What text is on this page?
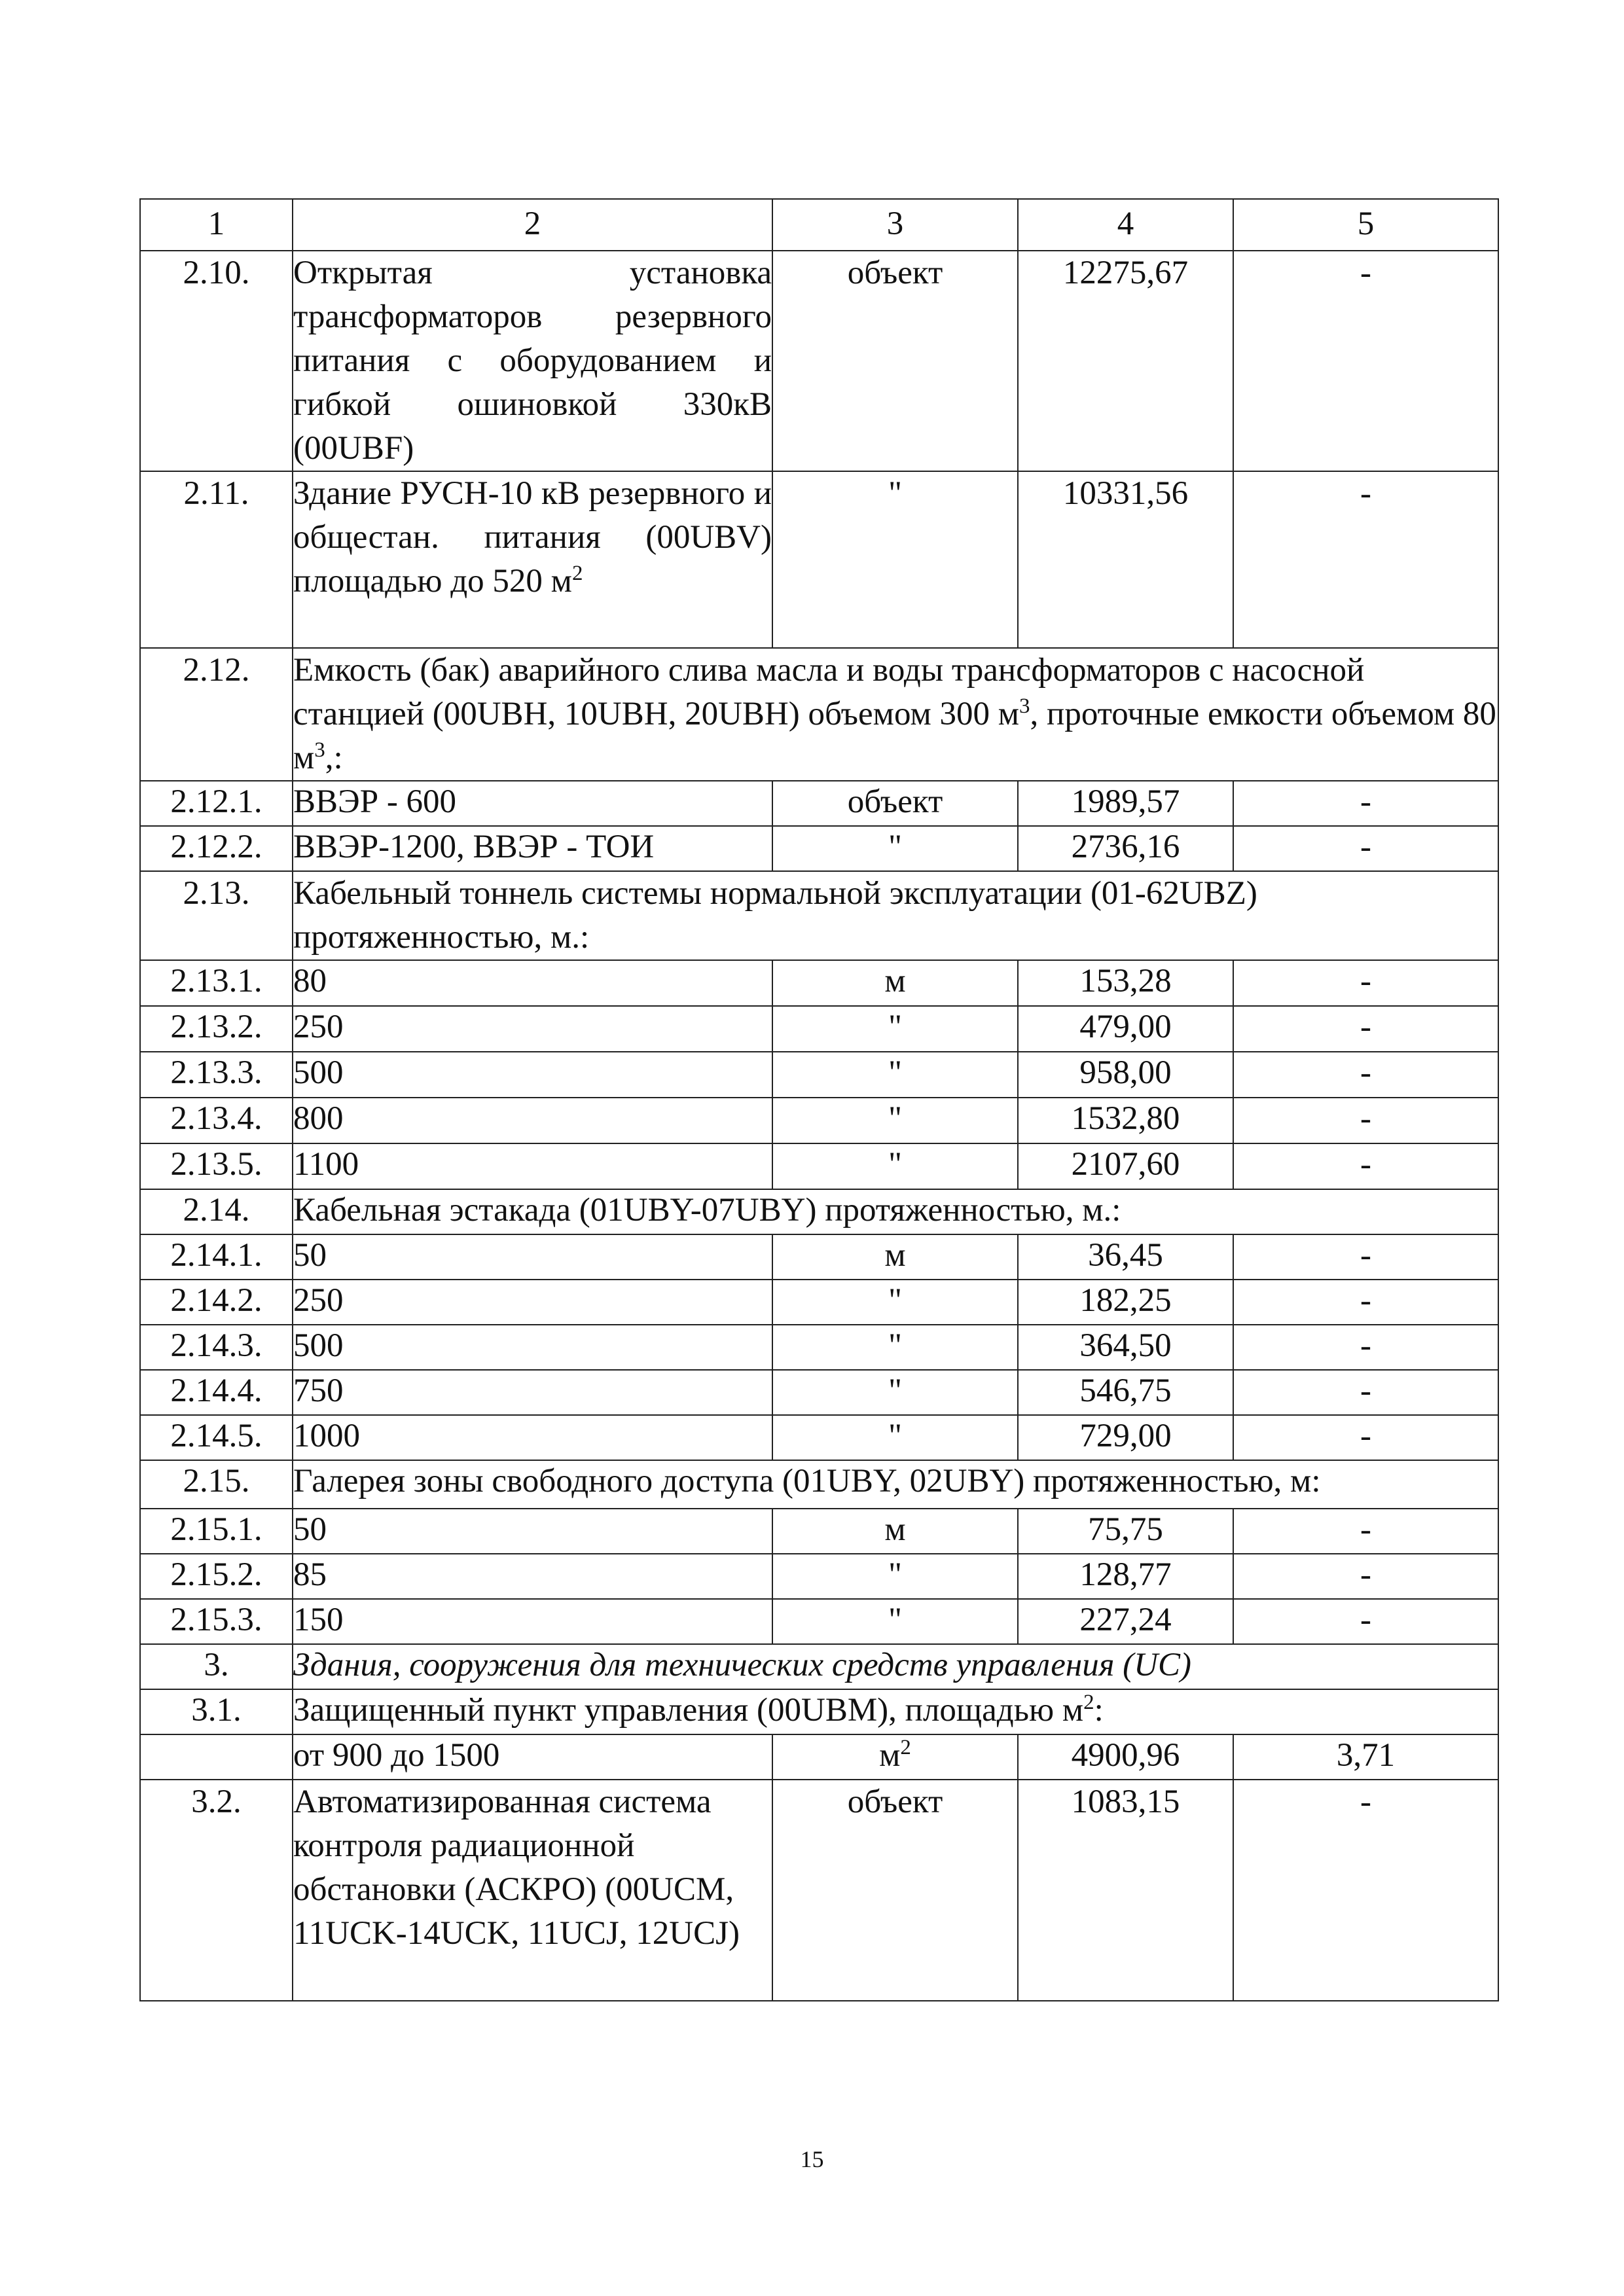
1	2	3	4	5
2.10.	Открытая установка трансформаторов резервного питания с оборудованием и гибкой ошиновкой 330кВ (00UBF)	объект	12275,67	-
2.11.	Здание РУСН-10 кВ резервного и общестан. питания (00UBV) площадью до 520 $м^2$	"	10331,56	-
2.12.	Емкость (бак) аварийного слива масла и воды трансформаторов с насосной станцией (00UBH, 10UBH, 20UBH) объемом 300 $м^3$, проточные емкости объемом 80 $м^3$,:			
2.12.1.	ВВЭР - 600	объект	1989,57	-
2.12.2.	ВВЭР-1200, ВВЭР - ТОИ	"	2736,16	-
2.13.	Кабельный тоннель системы нормальной эксплуатации (01-62UBZ) протяженностью, м.:			
2.13.1.	80	м	153,28	-
2.13.2.	250	"	479,00	-
2.13.3.	500	"	958,00	-
2.13.4.	800	"	1532,80	-
2.13.5.	1100	"	2107,60	-
2.14.	Кабельная эстакада (01UBY-07UBY) протяженностью, м.:			
2.14.1.	50	м	36,45	-
2.14.2.	250	"	182,25	-
2.14.3.	500	"	364,50	-
2.14.4.	750	"	546,75	-
2.14.5.	1000	"	729,00	-
2.15.	Галерея зоны свободного доступа (01UBY, 02UBY) протяженностью, м:			
2.15.1.	50	м	75,75	-
2.15.2.	85	"	128,77	-
2.15.3.	150	"	227,24	-
3.	Здания, сооружения для технических средств управления (UC)			
3.1.	Защищенный пункт управления (00UBM), площадью $м^2$:			
	от 900 до 1500	$м^2$	4900,96	3,71
3.2.	Автоматизированная система контроля радиационной обстановки (АСКРО) (00UCM, 11UCK-14UCK, 11UCJ, 12UCJ)	объект	1083,15	-
15
